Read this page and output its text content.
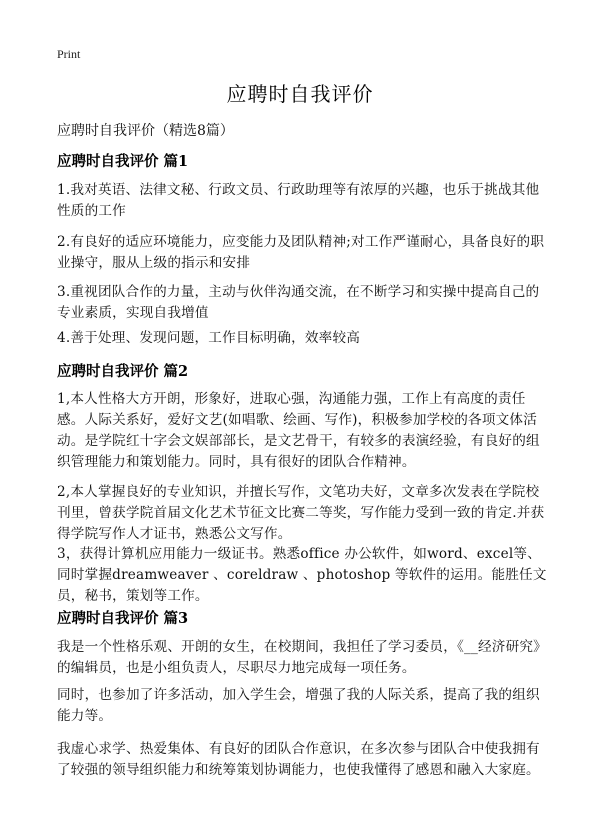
Print
应聘时自我评价
应聘时自我评价（精选8篇）
应聘时自我评价 篇1
1.我对英语、法律文秘、行政文员、行政助理等有浓厚的兴趣，也乐于挑战其他性质的工作
2.有良好的适应环境能力，应变能力及团队精神;对工作严谨耐心，具备良好的职业操守，服从上级的指示和安排
3.重视团队合作的力量，主动与伙伴沟通交流，在不断学习和实操中提高自己的专业素质，实现自我增值
4.善于处理、发现问题，工作目标明确，效率较高
应聘时自我评价 篇2
1,本人性格大方开朗，形象好，进取心强，沟通能力强，工作上有高度的责任感。人际关系好，爱好文艺(如唱歌、绘画、写作)，积极参加学校的各项文体活动。是学院红十字会文娱部部长，是文艺骨干，有较多的表演经验，有良好的组织管理能力和策划能力。同时，具有很好的团队合作精神。
2,本人掌握良好的专业知识，并擅长写作，文笔功夫好，文章多次发表在学院校刊里，曾获学院首届文化艺术节征文比赛二等奖，写作能力受到一致的肯定.并获得学院写作人才证书，熟悉公文写作。
3，获得计算机应用能力一级证书。熟悉office 办公软件，如word、excel等、同时掌握dreamweaver 、coreldraw 、photoshop 等软件的运用。能胜任文员，秘书，策划等工作。
应聘时自我评价 篇3
我是一个性格乐观、开朗的女生，在校期间，我担任了学习委员，《__经济研究》的编辑员，也是小组负责人，尽职尽力地完成每一项任务。
同时，也参加了许多活动，加入学生会，增强了我的人际关系，提高了我的组织能力等。
我虚心求学、热爱集体、有良好的团队合作意识，在多次参与团队合中使我拥有了较强的领导组织能力和统筹策划协调能力，也使我懂得了感恩和融入大家庭。
